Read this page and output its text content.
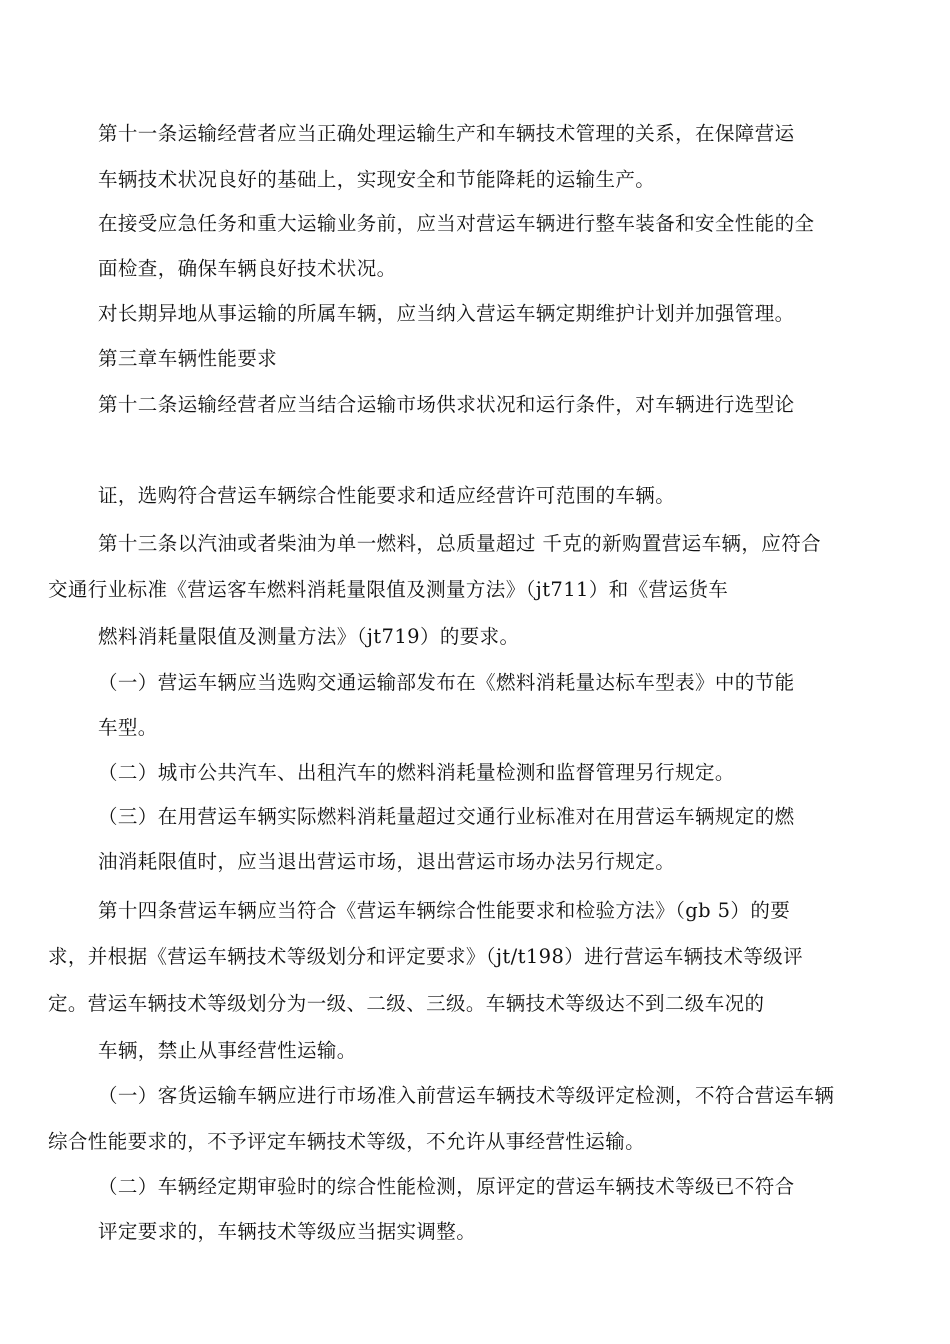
第十一条运输经营者应当正确处理运输生产和车辆技术管理的关系，在保障营运
车辆技术状况良好的基础上，实现安全和节能降耗的运输生产。
在接受应急任务和重大运输业务前，应当对营运车辆进行整车装备和安全性能的全
面检查，确保车辆良好技术状况。
对长期异地从事运输的所属车辆，应当纳入营运车辆定期维护计划并加强管理。
第三章车辆性能要求
第十二条运输经营者应当结合运输市场供求状况和运行条件，对车辆进行选型论
证，选购符合营运车辆综合性能要求和适应经营许可范围的车辆。
第十三条以汽油或者柴油为单一燃料，总质量超过 千克的新购置营运车辆，应符合
交通行业标准《营运客车燃料消耗量限值及测量方法》（jt711）和《营运货车
燃料消耗量限值及测量方法》（jt719）的要求。
（一）营运车辆应当选购交通运输部发布在《燃料消耗量达标车型表》中的节能
车型。
（二）城市公共汽车、出租汽车的燃料消耗量检测和监督管理另行规定。
（三）在用营运车辆实际燃料消耗量超过交通行业标准对在用营运车辆规定的燃
油消耗限值时，应当退出营运市场，退出营运市场办法另行规定。
第十四条营运车辆应当符合《营运车辆综合性能要求和检验方法》（gb 5）的要
求，并根据《营运车辆技术等级划分和评定要求》（jt/t198）进行营运车辆技术等级评
定。营运车辆技术等级划分为一级、二级、三级。车辆技术等级达不到二级车况的
车辆，禁止从事经营性运输。
（一）客货运输车辆应进行市场准入前营运车辆技术等级评定检测，不符合营运车辆
综合性能要求的，不予评定车辆技术等级，不允许从事经营性运输。
（二）车辆经定期审验时的综合性能检测，原评定的营运车辆技术等级已不符合
评定要求的，车辆技术等级应当据实调整。
